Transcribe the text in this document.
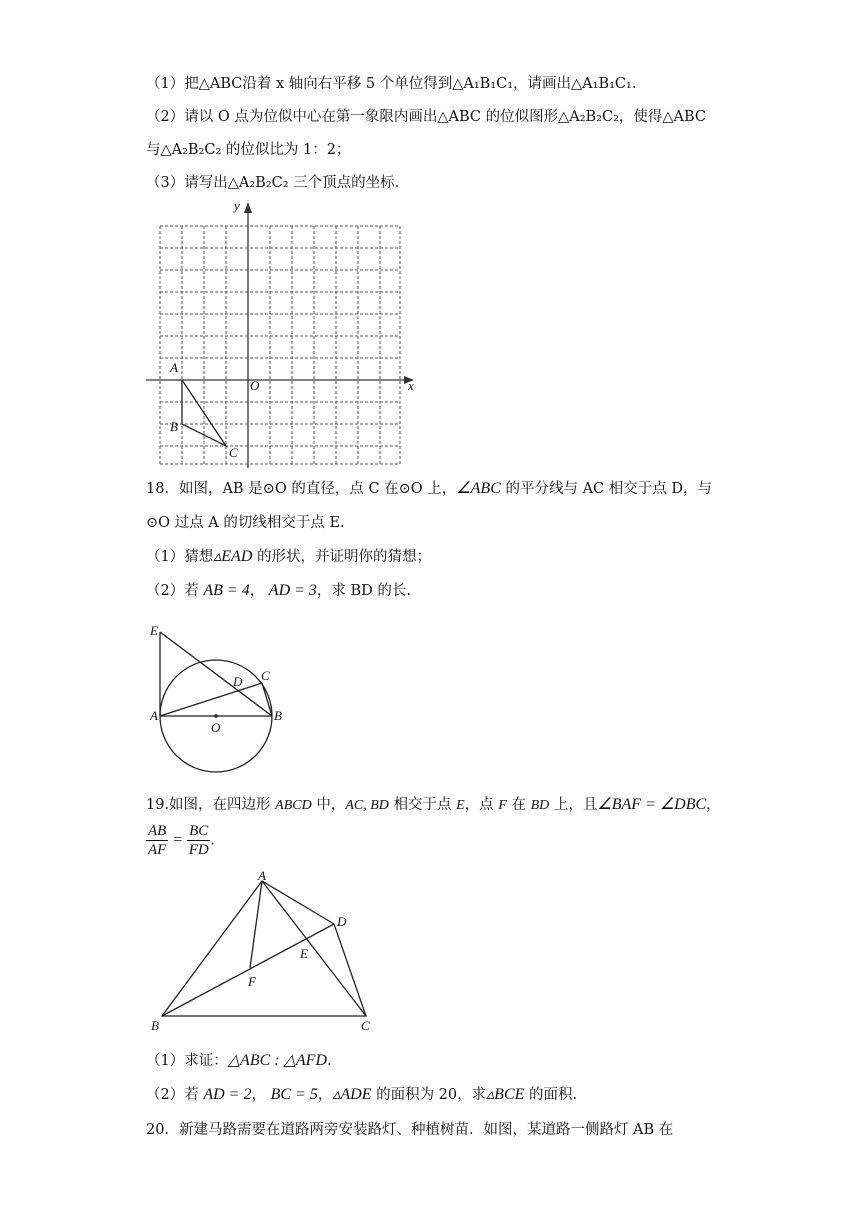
（1）把△ABC沿着 x 轴向右平移 5 个单位得到△A₁B₁C₁，请画出△A₁B₁C₁.
（2）请以 O 点为位似中心在第一象限内画出△ABC 的位似图形△A₂B₂C₂，使得△ABC
与△A₂B₂C₂ 的位似比为 1：2；
（3）请写出△A₂B₂C₂ 三个顶点的坐标.
x
y
O
A
B
C
18．如图，AB 是⊙O 的直径，点 C 在⊙O 上，∠ABC 的平分线与 AC 相交于点 D，与
⊙O 过点 A 的切线相交于点 E.
（1）猜想▵EAD 的形状，并证明你的猜想；
（2）若 AB = 4， AD = 3，求 BD 的长.
E
D C
A	B
O
19.如图，在四边形 ABCD 中，AC, BD 相交于点 E，点 F 在 BD 上，且∠BAF = ∠DBC，
$\frac{AB}{AF} = \frac{BC}{FD}$ .
A
D
E
F
B	C
（1）求证：△ABC : △AFD.
（2）若 AD = 2， BC = 5，▵ADE 的面积为 20，求▵BCE 的面积.
20．新建马路需要在道路两旁安装路灯、种植树苗．如图，某道路一侧路灯 AB 在
